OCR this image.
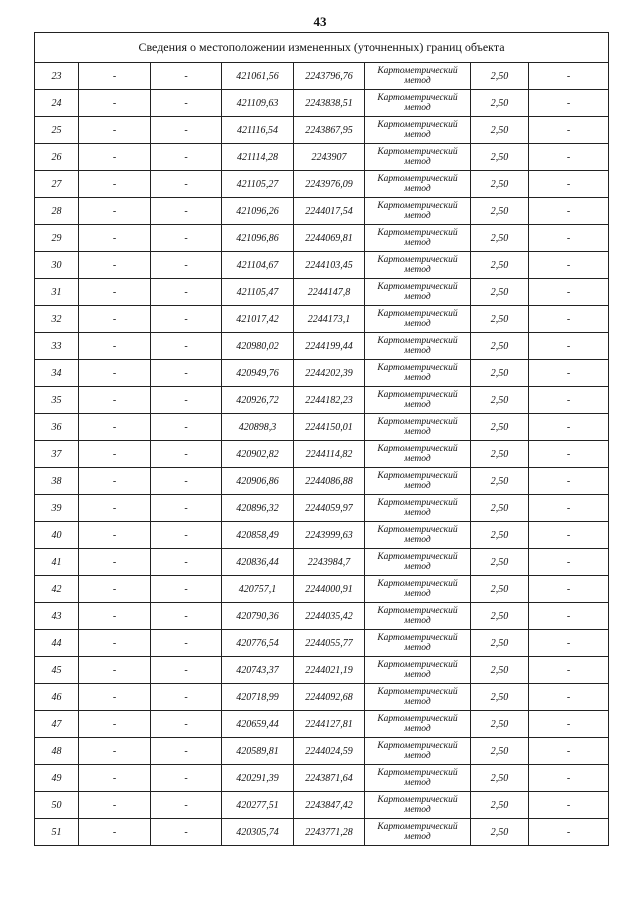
43
Сведения о местоположении измененных (уточненных) границ объекта							
23	-	-	421061,56	2243796,76	Картометрический метод	2,50	-
24	-	-	421109,63	2243838,51	Картометрический метод	2,50	-
25	-	-	421116,54	2243867,95	Картометрический метод	2,50	-
26	-	-	421114,28	2243907	Картометрический метод	2,50	-
27	-	-	421105,27	2243976,09	Картометрический метод	2,50	-
28	-	-	421096,26	2244017,54	Картометрический метод	2,50	-
29	-	-	421096,86	2244069,81	Картометрический метод	2,50	-
30	-	-	421104,67	2244103,45	Картометрический метод	2,50	-
31	-	-	421105,47	2244147,8	Картометрический метод	2,50	-
32	-	-	421017,42	2244173,1	Картометрический метод	2,50	-
33	-	-	420980,02	2244199,44	Картометрический метод	2,50	-
34	-	-	420949,76	2244202,39	Картометрический метод	2,50	-
35	-	-	420926,72	2244182,23	Картометрический метод	2,50	-
36	-	-	420898,3	2244150,01	Картометрический метод	2,50	-
37	-	-	420902,82	2244114,82	Картометрический метод	2,50	-
38	-	-	420906,86	2244086,88	Картометрический метод	2,50	-
39	-	-	420896,32	2244059,97	Картометрический метод	2,50	-
40	-	-	420858,49	2243999,63	Картометрический метод	2,50	-
41	-	-	420836,44	2243984,7	Картометрический метод	2,50	-
42	-	-	420757,1	2244000,91	Картометрический метод	2,50	-
43	-	-	420790,36	2244035,42	Картометрический метод	2,50	-
44	-	-	420776,54	2244055,77	Картометрический метод	2,50	-
45	-	-	420743,37	2244021,19	Картометрический метод	2,50	-
46	-	-	420718,99	2244092,68	Картометрический метод	2,50	-
47	-	-	420659,44	2244127,81	Картометрический метод	2,50	-
48	-	-	420589,81	2244024,59	Картометрический метод	2,50	-
49	-	-	420291,39	2243871,64	Картометрический метод	2,50	-
50	-	-	420277,51	2243847,42	Картометрический метод	2,50	-
51	-	-	420305,74	2243771,28	Картометрический метод	2,50	-
